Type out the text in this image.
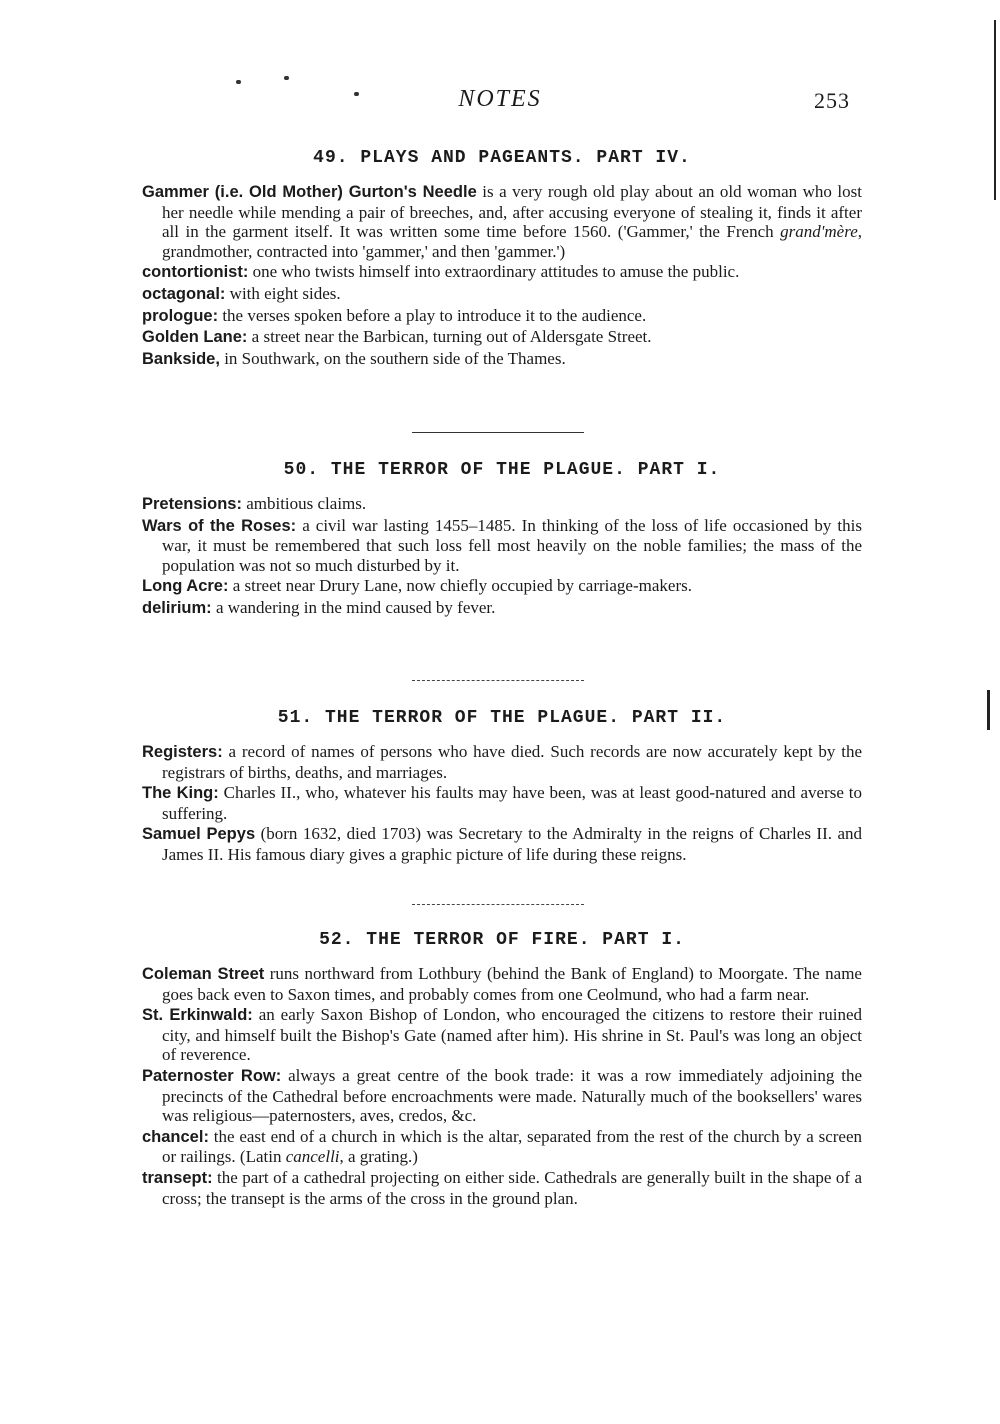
NOTES	253
49. PLAYS AND PAGEANTS. PART IV.

Gammer (i.e. Old Mother) Gurton's Needle is a very rough old play about an old woman who lost her needle while mending a pair of breeches, and, after accusing everyone of stealing it, finds it after all in the garment itself. It was written some time before 1560. ('Gammer,' the French grand'mère, grandmother, contracted into 'gammer,' and then 'gammer.')

contortionist: one who twists himself into extraordinary attitudes to amuse the public.

octagonal: with eight sides.

prologue: the verses spoken before a play to introduce it to the audience.

Golden Lane: a street near the Barbican, turning out of Aldersgate Street.

Bankside, in Southwark, on the southern side of the Thames.

50. THE TERROR OF THE PLAGUE. PART I.

Pretensions: ambitious claims.

Wars of the Roses: a civil war lasting 1455–1485. In thinking of the loss of life occasioned by this war, it must be remembered that such loss fell most heavily on the noble families; the mass of the population was not so much disturbed by it.

Long Acre: a street near Drury Lane, now chiefly occupied by carriage-makers.

delirium: a wandering in the mind caused by fever.

51. THE TERROR OF THE PLAGUE. PART II.

Registers: a record of names of persons who have died. Such records are now accurately kept by the registrars of births, deaths, and marriages.

The King: Charles II., who, whatever his faults may have been, was at least good-natured and averse to suffering.

Samuel Pepys (born 1632, died 1703) was Secretary to the Admiralty in the reigns of Charles II. and James II. His famous diary gives a graphic picture of life during these reigns.

52. THE TERROR OF FIRE. PART I.

Coleman Street runs northward from Lothbury (behind the Bank of England) to Moorgate. The name goes back even to Saxon times, and probably comes from one Ceolmund, who had a farm near.

St. Erkinwald: an early Saxon Bishop of London, who encouraged the citizens to restore their ruined city, and himself built the Bishop's Gate (named after him). His shrine in St. Paul's was long an object of reverence.

Paternoster Row: always a great centre of the book trade: it was a row immediately adjoining the precincts of the Cathedral before encroachments were made. Naturally much of the booksellers' wares was religious—paternosters, aves, credos, &c.

chancel: the east end of a church in which is the altar, separated from the rest of the church by a screen or railings. (Latin cancelli, a grating.)

transept: the part of a cathedral projecting on either side. Cathedrals are generally built in the shape of a cross; the transept is the arms of the cross in the ground plan.
